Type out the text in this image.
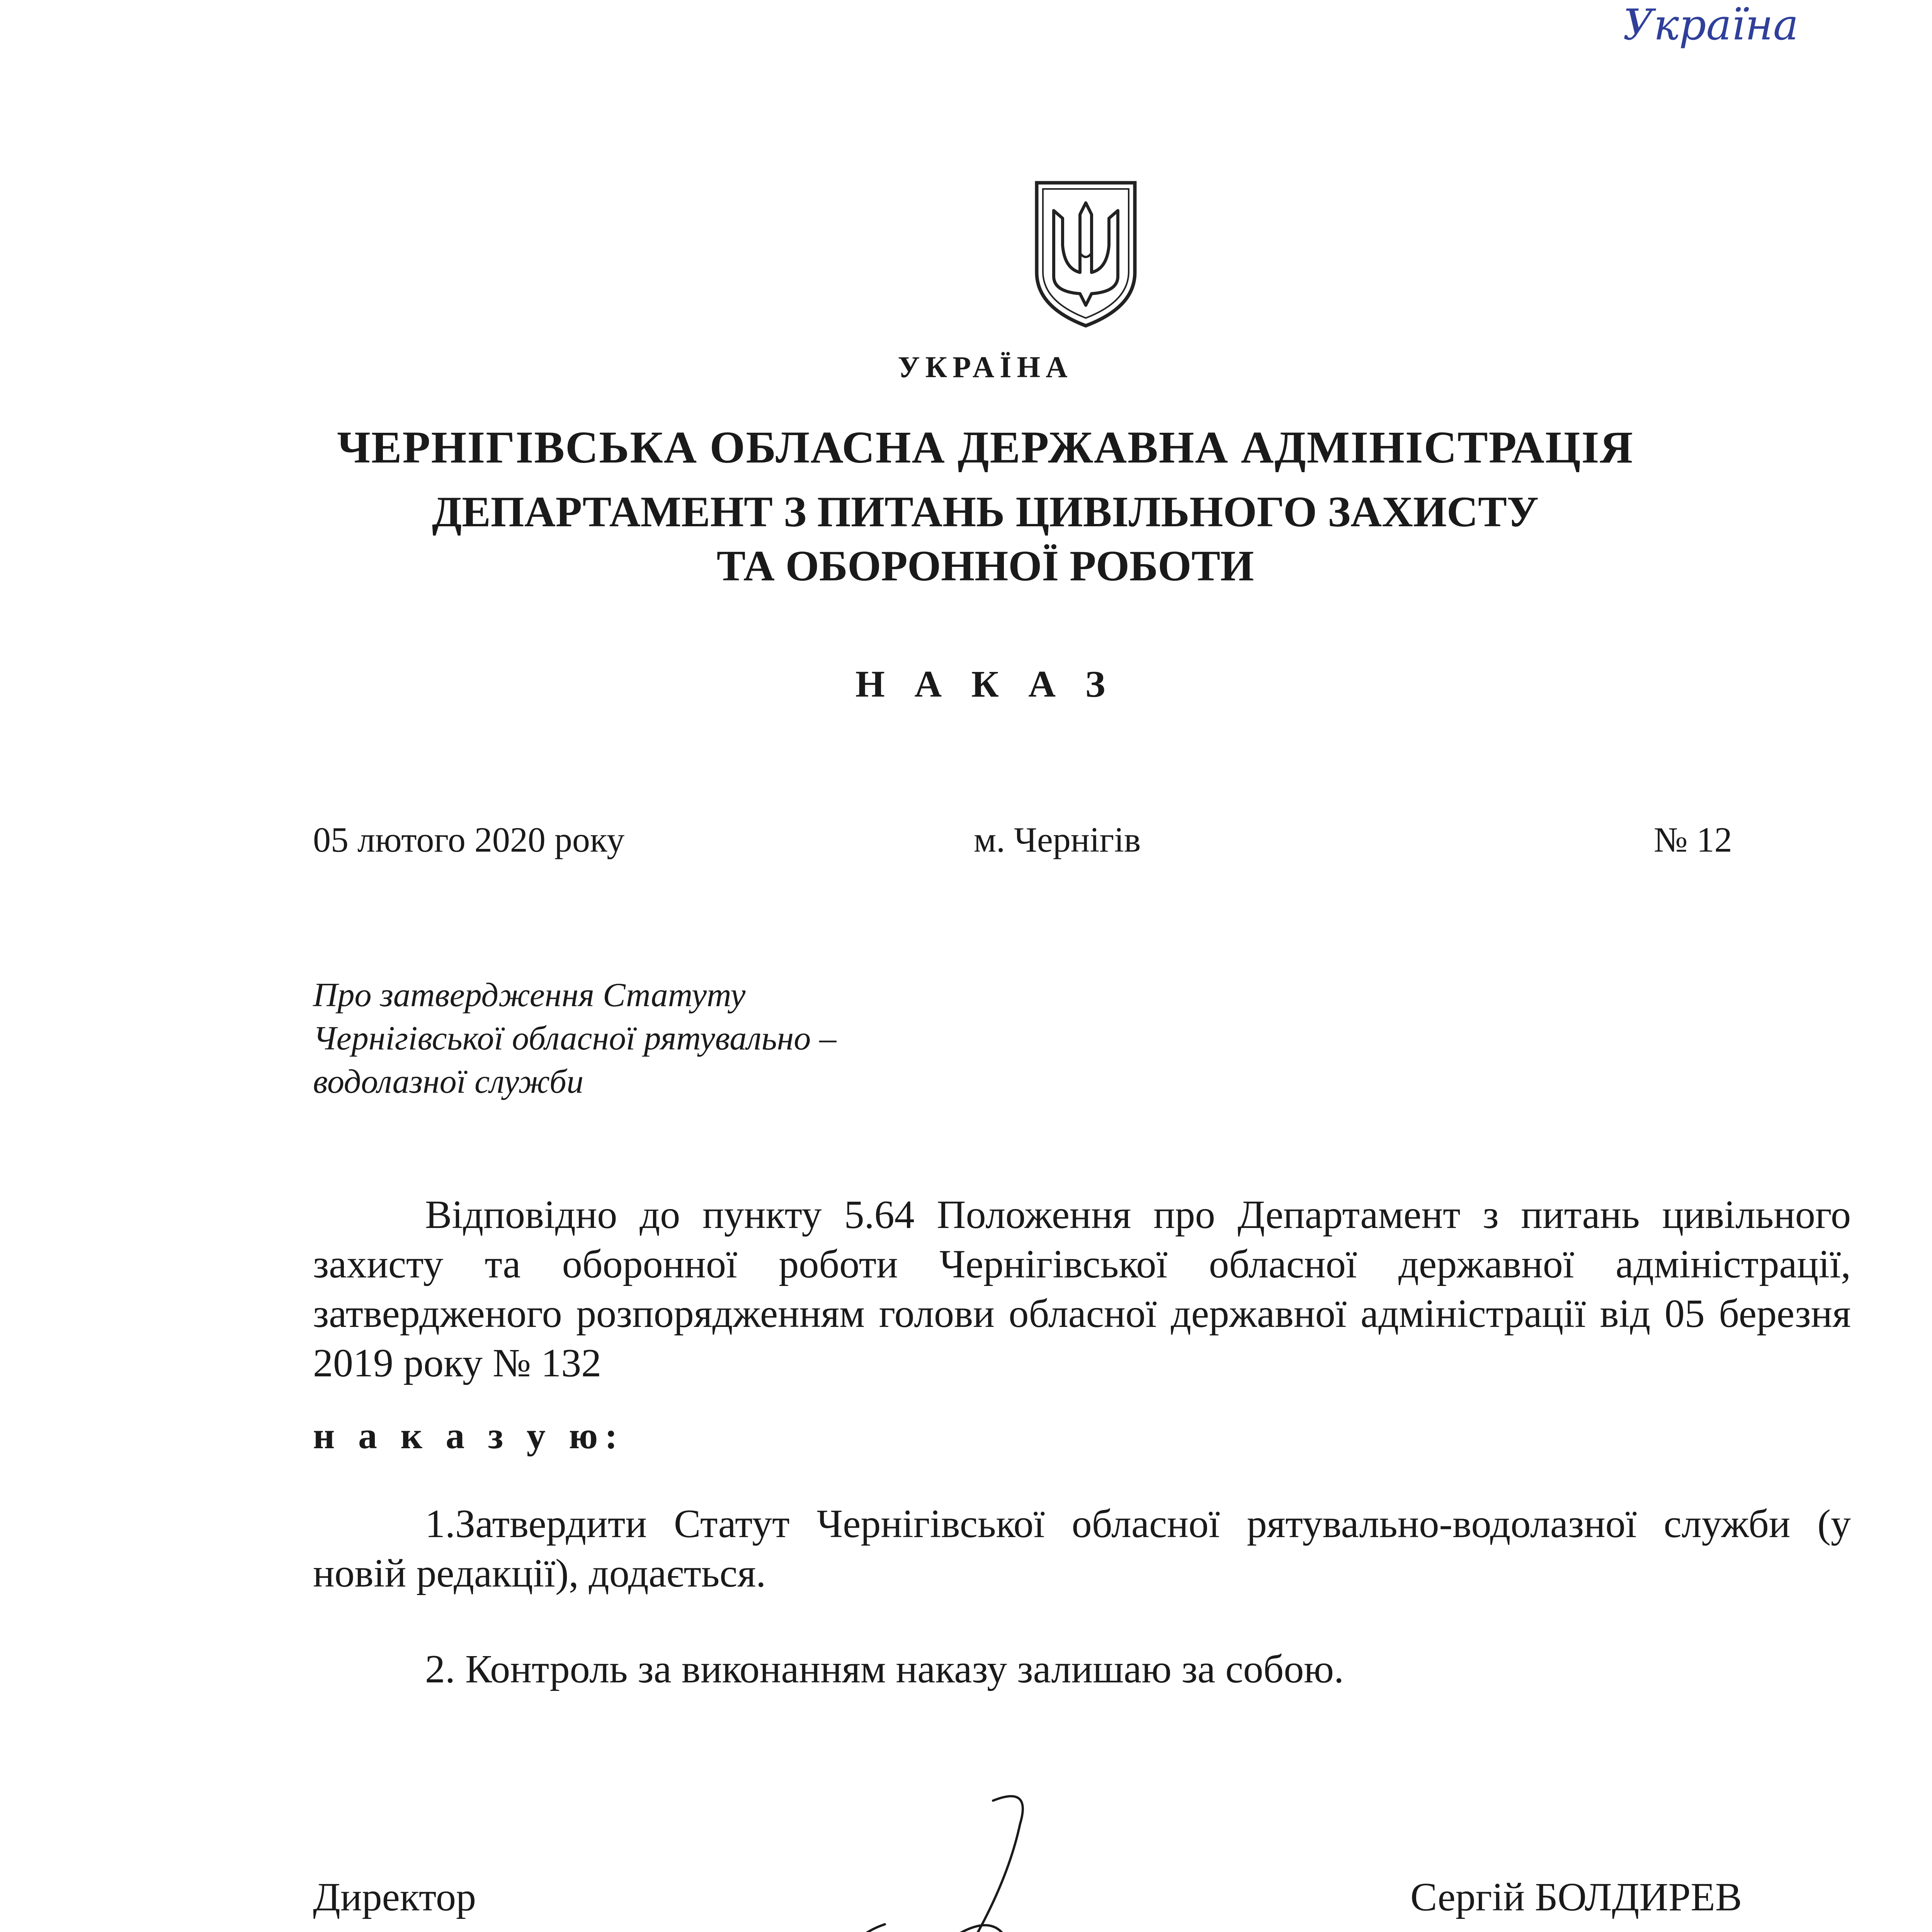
Україна
УКРАЇНА
ЧЕРНІГІВСЬКА ОБЛАСНА ДЕРЖАВНА АДМІНІСТРАЦІЯ
ДЕПАРТАМЕНТ З ПИТАНЬ ЦИВІЛЬНОГО ЗАХИСТУ
ТА ОБОРОННОЇ РОБОТИ
Н А К А З
05 лютого 2020 року	м. Чернігів	№ 12
Про затвердження Статуту
Чернігівської обласної рятувально –
водолазної служби
Відповідно до пункту 5.64 Положення про Департамент з питань цивільного захисту та оборонної роботи Чернігівської обласної державної адміністрації, затвердженого розпорядженням голови обласної державної адміністрації від 05 березня 2019 року № 132
н а к а з у ю:
1.Затвердити Статут Чернігівської обласної рятувально-водолазної служби (у новій редакції), додається.
2. Контроль за виконанням наказу залишаю за собою.
Директор	Сергій БОЛДИРЕВ
